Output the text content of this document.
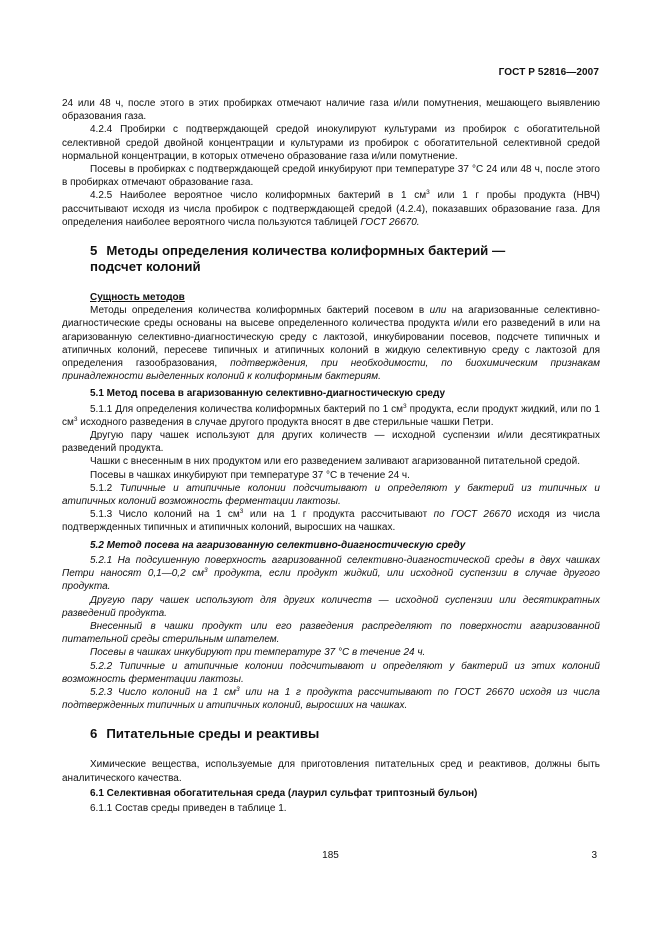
ГОСТ Р 52816—2007

24 или 48 ч, после этого в этих пробирках отмечают наличие газа и/или помутнения, мешающего выявлению образования газа.

4.2.4 Пробирки с подтверждающей средой инокулируют культурами из пробирок с обогатительной селективной средой двойной концентрации и культурами из пробирок с обогатительной селективной средой нормальной концентрации, в которых отмечено образование газа и/или помутнение.

Посевы в пробирках с подтверждающей средой инкубируют при температуре 37 °С 24 или 48 ч, после этого в пробирках отмечают образование газа.

4.2.5 Наиболее вероятное число колиформных бактерий в 1 $см^3$ или 1 г пробы продукта (НВЧ) рассчитывают исходя из числа пробирок с подтверждающей средой (4.2.4), показавших образование газа. Для определения наиболее вероятного числа пользуются таблицей ГОСТ 26670.

5 Методы определения количества колиформных бактерий —
подсчет колоний

Сущность методов

Методы определения количества колиформных бактерий посевом в или на агаризованные селективно-диагностические среды основаны на высеве определенного количества продукта и/или его разведений в или на агаризованную селективно-диагностическую среду с лактозой, инкубировании посевов, подсчете типичных и атипичных колоний, пересеве типичных и атипичных колоний в жидкую селективную среду с лактозой для определения газообразования, подтверждения, при необходимости, по биохимическим признакам принадлежности выделенных колоний к колиформным бактериям.

5.1 Метод посева в агаризованную селективно-диагностическую среду

5.1.1 Для определения количества колиформных бактерий по 1 $см^3$ продукта, если продукт жидкий, или по 1 $см^3$ исходного разведения в случае другого продукта вносят в две стерильные чашки Петри.

Другую пару чашек используют для других количеств — исходной суспензии и/или десятикратных разведений продукта.

Чашки с внесенным в них продуктом или его разведением заливают агаризованной питательной средой.

Посевы в чашках инкубируют при температуре 37 °С в течение 24 ч.

5.1.2 Типичные и атипичные колонии подсчитывают и определяют у бактерий из типичных и атипичных колоний возможность ферментации лактозы.

5.1.3 Число колоний на 1 $см^3$ или на 1 г продукта рассчитывают по ГОСТ 26670 исходя из числа подтвержденных типичных и атипичных колоний, выросших на чашках.

5.2 Метод посева на агаризованную селективно-диагностическую среду

5.2.1 На подсушенную поверхность агаризованной селективно-диагностической среды в двух чашках Петри наносят 0,1—0,2 $см^3$ продукта, если продукт жидкий, или исходной суспензии в случае другого продукта.

Другую пару чашек используют для других количеств — исходной суспензии или десятикратных разведений продукта.

Внесенный в чашки продукт или его разведения распределяют по поверхности агаризованной питательной среды стерильным шпателем.

Посевы в чашках инкубируют при температуре 37 °С в течение 24 ч.

5.2.2 Типичные и атипичные колонии подсчитывают и определяют у бактерий из этих колоний возможность ферментации лактозы.

5.2.3 Число колоний на 1 $см^3$ или на 1 г продукта рассчитывают по ГОСТ 26670 исходя из числа подтвержденных типичных и атипичных колоний, выросших на чашках.

6 Питательные среды и реактивы

Химические вещества, используемые для приготовления питательных сред и реактивов, должны быть аналитического качества.

6.1 Селективная обогатительная среда (лаурил сульфат триптозный бульон)

6.1.1 Состав среды приведен в таблице 1.

185	3
